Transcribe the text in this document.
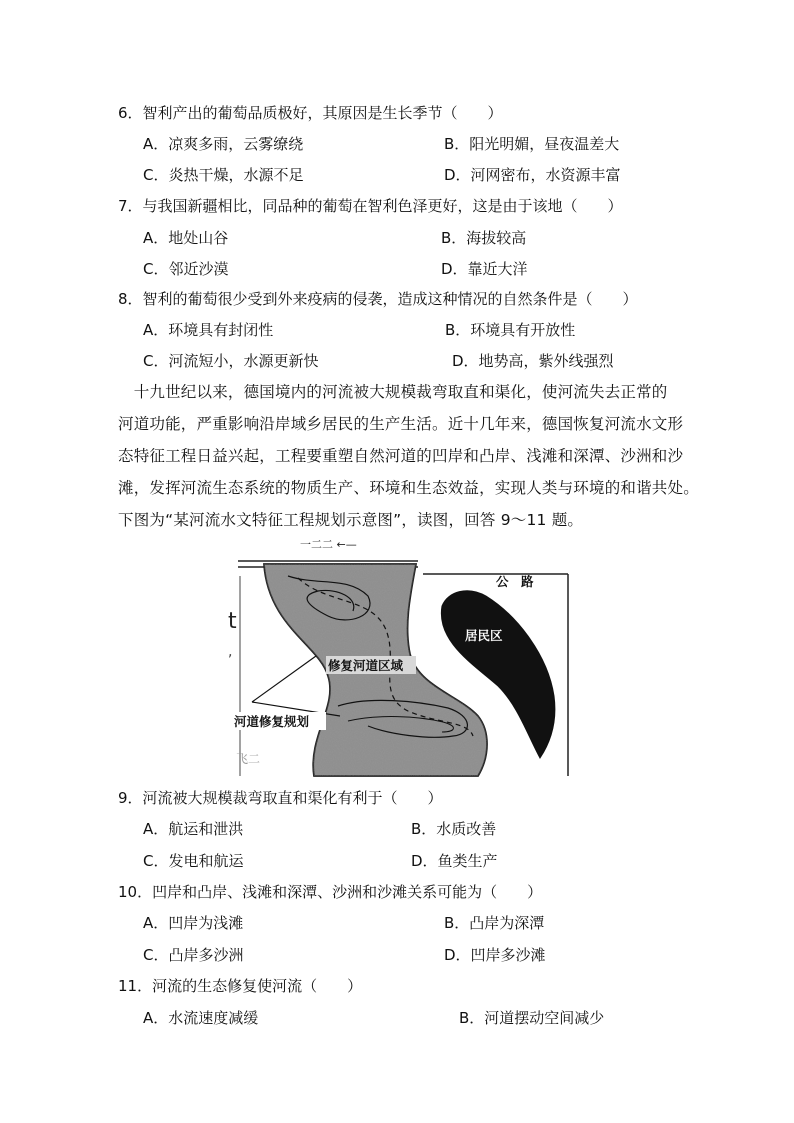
6．智利产出的葡萄品质极好，其原因是生长季节（　　）
A．凉爽多雨，云雾缭绕	B．阳光明媚，昼夜温差大
C．炎热干燥，水源不足	D．河网密布，水资源丰富
7．与我国新疆相比，同品种的葡萄在智利色泽更好，这是由于该地（　　）
A．地处山谷	B．海拔较高
C．邻近沙漠	D．靠近大洋
8．智利的葡萄很少受到外来疫病的侵袭，造成这种情况的自然条件是（　　）
A．环境具有封闭性	B．环境具有开放性
C．河流短小，水源更新快	D．地势高，紫外线强烈
　十九世纪以来，德国境内的河流被大规模裁弯取直和渠化，使河流失去正常的
河道功能，严重影响沿岸域乡居民的生产生活。近十几年来，德国恢复河流水文形
态特征工程日益兴起，工程要重塑自然河道的凹岸和凸岸、浅滩和深潭、沙洲和沙
滩，发挥河流生态系统的物质生产、环境和生态效益，实现人类与环境的和谐共处。
下图为“某河流水文特征工程规划示意图”，读图，回答 9～11 题。
一二二 ←—
修复河道区域
河道修复规划
t
,
飞二
公　路
居民区
9．河流被大规模裁弯取直和渠化有利于（　　）
A．航运和泄洪	B．水质改善
C．发电和航运	D．鱼类生产
10．凹岸和凸岸、浅滩和深潭、沙洲和沙滩关系可能为（　　）
A．凹岸为浅滩	B．凸岸为深潭
C．凸岸多沙洲	D．凹岸多沙滩
11．河流的生态修复使河流（　　）
A．水流速度减缓	B．河道摆动空间减少
